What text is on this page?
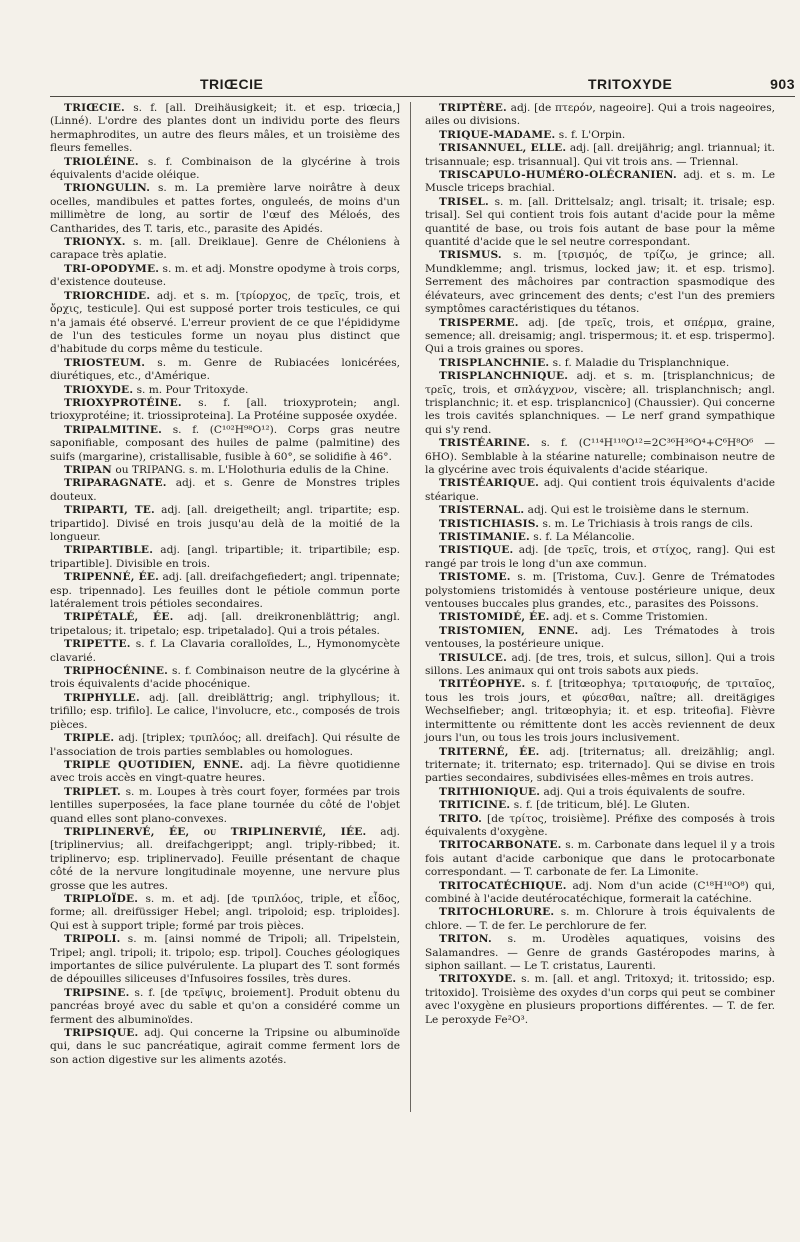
TRIŒCIE	TRITOXYDE	903

TRIŒCIE. s. f. [all. Dreihäusigkeit; it. et esp. triœcia,] (Linné). L'ordre des plantes dont un individu porte des fleurs hermaphrodites, un autre des fleurs mâles, et un troisième des fleurs femelles.

TRIOLÉINE. s. f. Combinaison de la glycérine à trois équivalents d'acide oléique.

TRIONGULIN. s. m. La première larve noirâtre à deux ocelles, mandibules et pattes fortes, onguleés, de moins d'un millimètre de long, au sortir de l'œuf des Méloés, des Cantharides, des T. taris, etc., parasite des Apidés.

TRIONYX. s. m. [all. Dreiklaue]. Genre de Chéloniens à carapace très aplatie.

TRI-OPODYME. s. m. et adj. Monstre opodyme à trois corps, d'existence douteuse.

TRIORCHIDE. adj. et s. m. [τρίορχος, de τρεῖς, trois, et ὄρχις, testicule]. Qui est supposé porter trois testicules, ce qui n'a jamais été observé. L'erreur provient de ce que l'épididyme de l'un des testicules forme un noyau plus distinct que d'habitude du corps même du testicule.

TRIOSTEUM. s. m. Genre de Rubiacées lonicérées, diurétiques, etc., d'Amérique.

TRIOXYDE. s. m. Pour Tritoxyde.

TRIOXYPROTÉINE. s. f. [all. trioxyprotein; angl. trioxyprotéine; it. triossiproteina]. La Protéine supposée oxydée.

TRIPALMITINE. s. f. (C¹⁰²H⁹⁸O¹²). Corps gras neutre saponifiable, composant des huiles de palme (palmitine) des suifs (margarine), cristallisable, fusible à 60°, se solidifie à 46°.

TRIPAN ou TRIPANG. s. m. L'Holothuria edulis de la Chine.

TRIPARAGNATE. adj. et s. Genre de Monstres triples douteux.

TRIPARTI, TE. adj. [all. dreigetheilt; angl. tripartite; esp. tripartido]. Divisé en trois jusqu'au delà de la moitié de la longueur.

TRIPARTIBLE. adj. [angl. tripartible; it. tripartibile; esp. tripartible]. Divisible en trois.

TRIPENNÉ, ÉE. adj. [all. dreifachgefiedert; angl. tripennate; esp. tripennado]. Les feuilles dont le pétiole commun porte latéralement trois pétioles secondaires.

TRIPÉTALÉ, ÉE. adj. [all. dreikronenblättrig; angl. tripetalous; it. tripetalo; esp. tripetalado]. Qui a trois pétales.

TRIPETTE. s. f. La Clavaria coralloïdes, L., Hymonomycète clavarié.

TRIPHOCÉNINE. s. f. Combinaison neutre de la glycérine à trois équivalents d'acide phocénique.

TRIPHYLLE. adj. [all. dreiblättrig; angl. triphyllous; it. trifillo; esp. trifilo]. Le calice, l'involucre, etc., composés de trois pièces.

TRIPLE. adj. [triplex; τριπλόος; all. dreifach]. Qui résulte de l'association de trois parties semblables ou homologues.

TRIPLE QUOTIDIEN, ENNE. adj. La fièvre quotidienne avec trois accès en vingt-quatre heures.

TRIPLET. s. m. Loupes à très court foyer, formées par trois lentilles superposées, la face plane tournée du côté de l'objet quand elles sont plano-convexes.

TRIPLINERVÉ, ÉE, ou TRIPLINERVIÉ, IÉE. adj. [triplinervius; all. dreifachgerippt; angl. triply-ribbed; it. triplinervo; esp. triplinervado]. Feuille présentant de chaque côté de la nervure longitudinale moyenne, une nervure plus grosse que les autres.

TRIPLOÏDE. s. m. et adj. [de τριπλόος, triple, et εἶδος, forme; all. dreifüssiger Hebel; angl. tripoloid; esp. triploides]. Qui est à support triple; formé par trois pièces.

TRIPOLI. s. m. [ainsi nommé de Tripoli; all. Tripelstein, Tripel; angl. tripoli; it. tripolo; esp. tripol]. Couches géologiques importantes de silice pulvérulente. La plupart des T. sont formés de dépouilles siliceuses d'Infusoires fossiles, très dures.

TRIPSINE. s. f. [de τρεῖψις, broiement]. Produit obtenu du pancréas broyé avec du sable et qu'on a considéré comme un ferment des albuminoïdes.

TRIPSIQUE. adj. Qui concerne la Tripsine ou albuminoïde qui, dans le suc pancréatique, agirait comme ferment lors de son action digestive sur les aliments azotés.

TRIPTÈRE. adj. [de πτερόν, nageoire]. Qui a trois nageoires, ailes ou divisions.

TRIQUE-MADAME. s. f. L'Orpin.

TRISANNUEL, ELLE. adj. [all. dreijährig; angl. triannual; it. trisannuale; esp. trisannual]. Qui vit trois ans. — Triennal.

TRISCAPULO-HUMÉRO-OLÉCRANIEN. adj. et s. m. Le Muscle triceps brachial.

TRISEL. s. m. [all. Drittelsalz; angl. trisalt; it. trisale; esp. trisal]. Sel qui contient trois fois autant d'acide pour la même quantité de base, ou trois fois autant de base pour la même quantité d'acide que le sel neutre correspondant.

TRISMUS. s. m. [τρισμός, de τρίζω, je grince; all. Mundklemme; angl. trismus, locked jaw; it. et esp. trismo]. Serrement des mâchoires par contraction spasmodique des élévateurs, avec grincement des dents; c'est l'un des premiers symptômes caractéristiques du tétanos.

TRISPERME. adj. [de τρεῖς, trois, et σπέρμα, graine, semence; all. dreisamig; angl. trispermous; it. et esp. trispermo]. Qui a trois graines ou spores.

TRISPLANCHNIE. s. f. Maladie du Trisplanchnique.

TRISPLANCHNIQUE. adj. et s. m. [trisplanchnicus; de τρεῖς, trois, et σπλάγχνον, viscère; all. trisplanchnisch; angl. trisplanchnic; it. et esp. trisplancnico] (Chaussier). Qui concerne les trois cavités splanchniques. — Le nerf grand sympathique qui s'y rend.

TRISTÉARINE. s. f. (C¹¹⁴H¹¹⁰O¹²=2C³⁶H³⁶O⁴+C⁶H⁸O⁶ — 6HO). Semblable à la stéarine naturelle; combinaison neutre de la glycérine avec trois équivalents d'acide stéarique.

TRISTÉARIQUE. adj. Qui contient trois équivalents d'acide stéarique.

TRISTERNAL. adj. Qui est le troisième dans le sternum.

TRISTICHIASIS. s. m. Le Trichiasis à trois rangs de cils.

TRISTIMANIE. s. f. La Mélancolie.

TRISTIQUE. adj. [de τρεῖς, trois, et στίχος, rang]. Qui est rangé par trois le long d'un axe commun.

TRISTOME. s. m. [Tristoma, Cuv.]. Genre de Trématodes polystomiens tristomidés à ventouse postérieure unique, deux ventouses buccales plus grandes, etc., parasites des Poissons.

TRISTOMIDÉ, ÉE. adj. et s. Comme Tristomien.

TRISTOMIEN, ENNE. adj. Les Trématodes à trois ventouses, la postérieure unique.

TRISULCE. adj. [de tres, trois, et sulcus, sillon]. Qui a trois sillons. Les animaux qui ont trois sabots aux pieds.

TRITÉOPHYE. s. f. [tritœophya; τριταιοφυής, de τριταῖος, tous les trois jours, et φύεσθαι, naître; all. dreitägiges Wechselfieber; angl. tritœophyia; it. et esp. triteofia]. Fièvre intermittente ou rémittente dont les accès reviennent de deux jours l'un, ou tous les trois jours inclusivement.

TRITERNÉ, ÉE. adj. [triternatus; all. dreizählig; angl. triternate; it. triternato; esp. triternado]. Qui se divise en trois parties secondaires, subdivisées elles-mêmes en trois autres.

TRITHIONIQUE. adj. Qui a trois équivalents de soufre.

TRITICINE. s. f. [de triticum, blé]. Le Gluten.

TRITO. [de τρίτος, troisième]. Préfixe des composés à trois équivalents d'oxygène.

TRITOCARBONATE. s. m. Carbonate dans lequel il y a trois fois autant d'acide carbonique que dans le protocarbonate correspondant. — T. carbonate de fer. La Limonite.

TRITOCATÉCHIQUE. adj. Nom d'un acide (C¹⁸H¹⁰O⁸) qui, combiné à l'acide deutérocatéchique, formerait la catéchine.

TRITOCHLORURE. s. m. Chlorure à trois équivalents de chlore. — T. de fer. Le perchlorure de fer.

TRITON. s. m. Urodèles aquatiques, voisins des Salamandres. — Genre de grands Gastéropodes marins, à siphon saillant. — Le T. cristatus, Laurenti.

TRITOXYDE. s. m. [all. et angl. Tritoxyd; it. tritossido; esp. tritoxido]. Troisième des oxydes d'un corps qui peut se combiner avec l'oxygène en plusieurs proportions différentes. — T. de fer. Le peroxyde Fe²O³.
